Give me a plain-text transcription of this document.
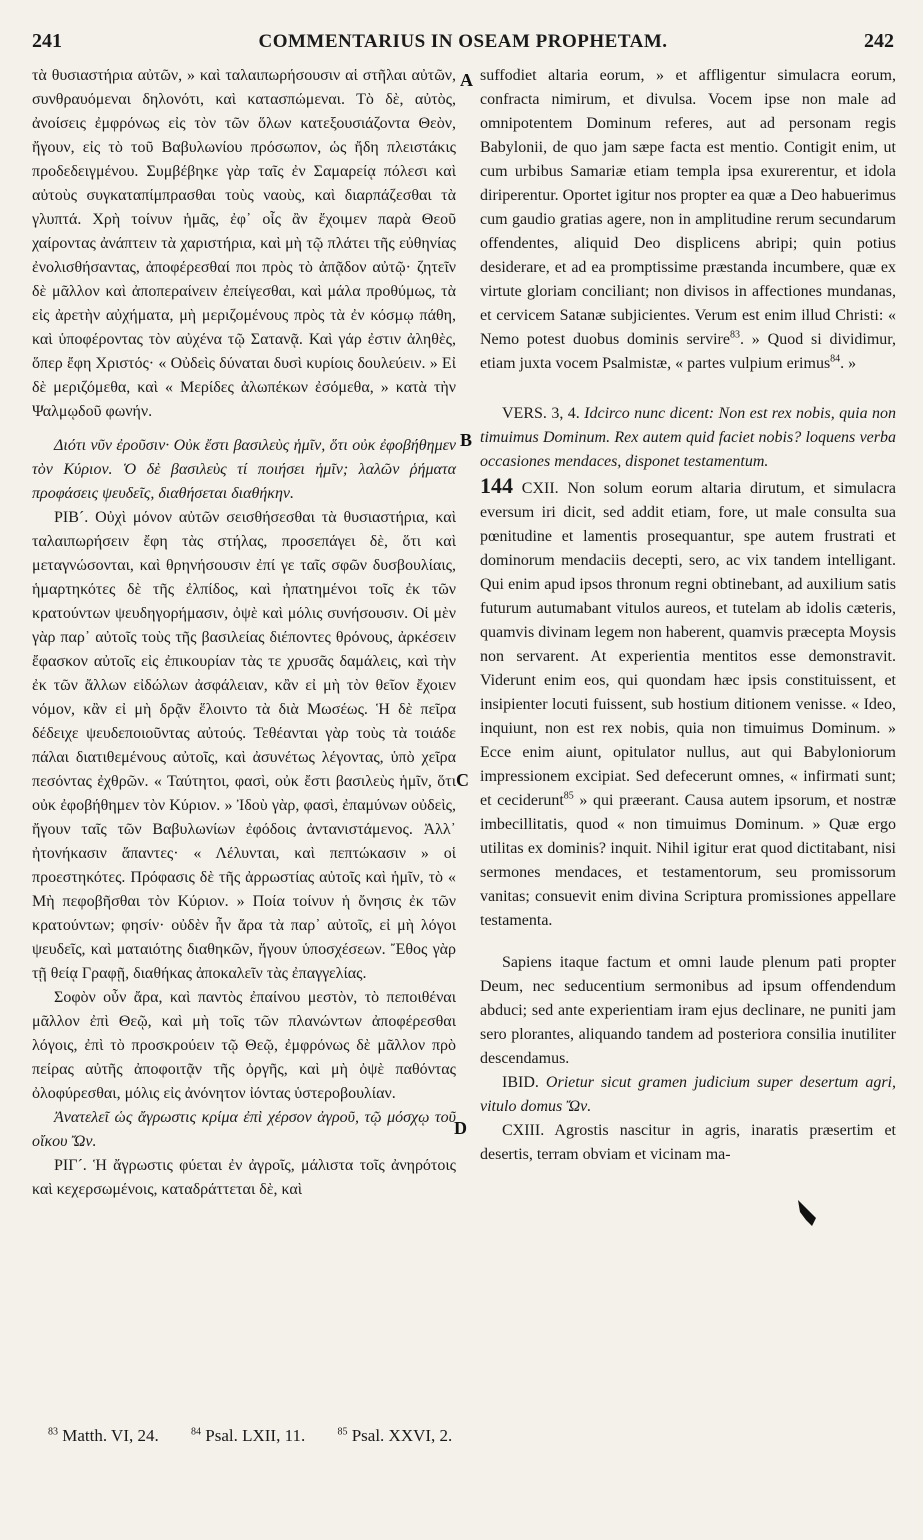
241	COMMENTARIUS IN OSEAM PROPHETAM.	242

τὰ θυσιαστήρια αὐτῶν, » καὶ ταλαιπωρήσουσιν αἱ στῆλαι αὐτῶν, συνθραυόμεναι δηλονότι, καὶ κατασπώμεναι. Τὸ δὲ, αὐτὸς, ἀνοίσεις ἐμφρόνως εἰς τὸν τῶν ὅλων κατεξουσιάζοντα Θεὸν, ἤγουν, εἰς τὸ τοῦ Βαβυλωνίου πρόσωπον, ὡς ἤδη πλειστάκις προδεδειγμένου. Συμβέβηκε γὰρ ταῖς ἐν Σαμαρείᾳ πόλεσι καὶ αὐτοὺς συγκαταπίμπρασθαι τοὺς ναοὺς, καὶ διαρπάζεσθαι τὰ γλυπτά. Χρὴ τοίνυν ἡμᾶς, ἐφ᾽ οἷς ἂν ἔχοιμεν παρὰ Θεοῦ χαίροντας ἀνάπτειν τὰ χαριστήρια, καὶ μὴ τῷ πλάτει τῆς εὐθηνίας ἐνολισθήσαντας, ἀποφέρεσθαί ποι πρὸς τὸ ἀπᾷδον αὐτῷ· ζητεῖν δὲ μᾶλλον καὶ ἀποπεραίνειν ἐπείγεσθαι, καὶ μάλα προθύμως, τὰ εἰς ἀρετὴν αὐχήματα, μὴ μεριζομένους πρὸς τὰ ἐν κόσμῳ πάθη, καὶ ὑποφέροντας τὸν αὐχένα τῷ Σατανᾷ. Καὶ γάρ ἐστιν ἀληθὲς, ὅπερ ἔφη Χριστός· « Οὐδεὶς δύναται δυσὶ κυρίοις δουλεύειν. » Εἰ δὲ μεριζόμεθα, καὶ « Μερίδες ἀλωπέκων ἐσόμεθα, » κατὰ τὴν Ψαλμῳδοῦ φωνήν.

Διότι νῦν ἐροῦσιν· Οὐκ ἔστι βασιλεὺς ἡμῖν, ὅτι οὐκ ἐφοβήθημεν τὸν Κύριον. Ὁ δὲ βασιλεὺς τί ποιήσει ἡμῖν; λαλῶν ῥήματα προφάσεις ψευδεῖς, διαθήσεται διαθήκην.

ΡΙΒ´. Οὐχὶ μόνον αὐτῶν σεισθήσεσθαι τὰ θυσιαστήρια, καὶ ταλαιπωρήσειν ἔφη τὰς στήλας, προσεπάγει δὲ, ὅτι καὶ μεταγνώσονται, καὶ θρηνήσουσιν ἐπί γε ταῖς σφῶν δυσβουλίαις, ἡμαρτηκότες δὲ τῆς ἐλπίδος, καὶ ἠπατημένοι τοῖς ἐκ τῶν κρατούντων ψευδηγορήμασιν, ὀψὲ καὶ μόλις συνήσουσιν. Οἱ μὲν γὰρ παρ᾽ αὐτοῖς τοὺς τῆς βασιλείας διέποντες θρόνους, ἀρκέσειν ἔφασκον αὐτοῖς εἰς ἐπικουρίαν τὰς τε χρυσᾶς δαμάλεις, καὶ τὴν ἐκ τῶν ἄλλων εἰδώλων ἀσφάλειαν, κἂν εἰ μὴ τὸν θεῖον ἔχοιεν νόμον, κἂν εἰ μὴ δρᾷν ἕλοιντο τὰ διὰ Μωσέως. Ἡ δὲ πεῖρα δέδειχε ψευδεποιοῦντας αὐτούς. Τεθέανται γὰρ τοὺς τὰ τοιάδε πάλαι διατιθεμένους αὐτοῖς, καὶ ἀσυνέτως λέγοντας, ὑπὸ χεῖρα πεσόντας ἐχθρῶν. « Ταύτητοι, φασὶ, οὐκ ἔστι βασιλεὺς ἡμῖν, ὅτι οὐκ ἐφοβήθημεν τὸν Κύριον. » Ἰδοὺ γὰρ, φασὶ, ἐπαμύνων οὐδεὶς, ἤγουν ταῖς τῶν Βαβυλωνίων ἐφόδοις ἀντανιστάμενος. Ἀλλ᾽ ἠτονήκασιν ἅπαντες· « Λέλυνται, καὶ πεπτώκασιν » οἱ προεστηκότες. Πρόφασις δὲ τῆς ἀρρωστίας αὐτοῖς καὶ ἡμῖν, τὸ « Μὴ πεφοβῆσθαι τὸν Κύριον. » Ποία τοίνυν ἡ ὄνησις ἐκ τῶν κρατούντων; φησίν· οὐδὲν ἦν ἄρα τὰ παρ᾽ αὐτοῖς, εἰ μὴ λόγοι ψευδεῖς, καὶ ματαιότης διαθηκῶν, ἤγουν ὑποσχέσεων. Ἔθος γὰρ τῇ θείᾳ Γραφῇ, διαθήκας ἀποκαλεῖν τὰς ἐπαγγελίας.

Σοφὸν οὖν ἄρα, καὶ παντὸς ἐπαίνου μεστὸν, τὸ πεποιθέναι μᾶλλον ἐπὶ Θεῷ, καὶ μὴ τοῖς τῶν πλανώντων ἀποφέρεσθαι λόγοις, ἐπὶ τὸ προσκρούειν τῷ Θεῷ, ἐμφρόνως δὲ μᾶλλον πρὸ πείρας αὐτῆς ἀποφοιτᾷν τῆς ὀργῆς, καὶ μὴ ὀψὲ παθόντας ὀλοφύρεσθαι, μόλις εἰς ἀνόνητον ἰόντας ὑστεροβουλίαν.

Ἀνατελεῖ ὡς ἄγρωστις κρίμα ἐπὶ χέρσον ἀγροῦ, τῷ μόσχῳ τοῦ οἴκου Ὤν.

ΡΙΓ´. Ἡ ἄγρωστις φύεται ἐν ἀγροῖς, μάλιστα τοῖς ἀνηρότοις καὶ κεχερσωμένοις, καταδράττεται δὲ, καὶ

suffodiet altaria eorum, » et affligentur simulacra eorum, confracta nimirum, et divulsa. Vocem ipse non male ad omnipotentem Dominum referes, aut ad personam regis Babylonii, de quo jam sæpe facta est mentio. Contigit enim, ut cum urbibus Samariæ etiam templa ipsa exurerentur, et idola diriperentur. Oportet igitur nos propter ea quæ a Deo habuerimus cum gaudio gratias agere, non in amplitudine rerum secundarum offendentes, aliquid Deo displicens abripi; quin potius desiderare, et ad ea promptissime præstanda incumbere, quæ ex virtute gloriam conciliant; non divisos in affectiones mundanas, et cervicem Satanæ subjicientes. Verum est enim illud Christi: « Nemo potest duobus dominis servire$^{83}$. » Quod si dividimur, etiam juxta vocem Psalmistæ, « partes vulpium erimus$^{84}$. »

VERS. 3, 4. Idcirco nunc dicent: Non est rex nobis, quia non timuimus Dominum. Rex autem quid faciet nobis? loquens verba occasiones mendaces, disponet testamentum.

144 CXII. Non solum eorum altaria dirutum, et simulacra eversum iri dicit, sed addit etiam, fore, ut male consulta sua pœnitudine et lamentis prosequantur, spe autem frustrati et dominorum mendaciis decepti, sero, ac vix tandem intelligant. Qui enim apud ipsos thronum regni obtinebant, ad auxilium satis futurum autumabant vitulos aureos, et tutelam ab idolis cæteris, quamvis divinam legem non haberent, quamvis præcepta Moysis non servarent. At experientia mentitos esse demonstravit. Viderunt enim eos, qui quondam hæc ipsis constituissent, et insipienter locuti fuissent, sub hostium ditionem venisse. « Ideo, inquiunt, non est rex nobis, quia non timuimus Dominum. » Ecce enim aiunt, opitulator nullus, aut qui Babyloniorum impressionem excipiat. Sed defecerunt omnes, « infirmati sunt; et ceciderunt$^{85}$ » qui præerant. Causa autem ipsorum, et nostræ imbecillitatis, quod « non timuimus Dominum. » Quæ ergo utilitas ex dominis? inquit. Nihil igitur erat quod dictitabant, nisi sermones mendaces, et testamentorum, seu promissorum vanitas; consuevit enim divina Scriptura promissiones appellare testamenta.

Sapiens itaque factum et omni laude plenum pati propter Deum, nec seducentium sermonibus ad ipsum offendendum abduci; sed ante experientiam iram ejus declinare, ne puniti jam sero plorantes, aliquando tandem ad posteriora consilia inutiliter descendamus.

IBID. Orietur sicut gramen judicium super desertum agri, vitulo domus Ὤν.

CXIII. Agrostis nascitur in agris, inaratis præsertim et desertis, terram obviam et vicinam ma-

A
B
C
D
$^{83}$ Matth. VI, 24.	$^{84}$ Psal. LXII, 11.	$^{85}$ Psal. XXVI, 2.
